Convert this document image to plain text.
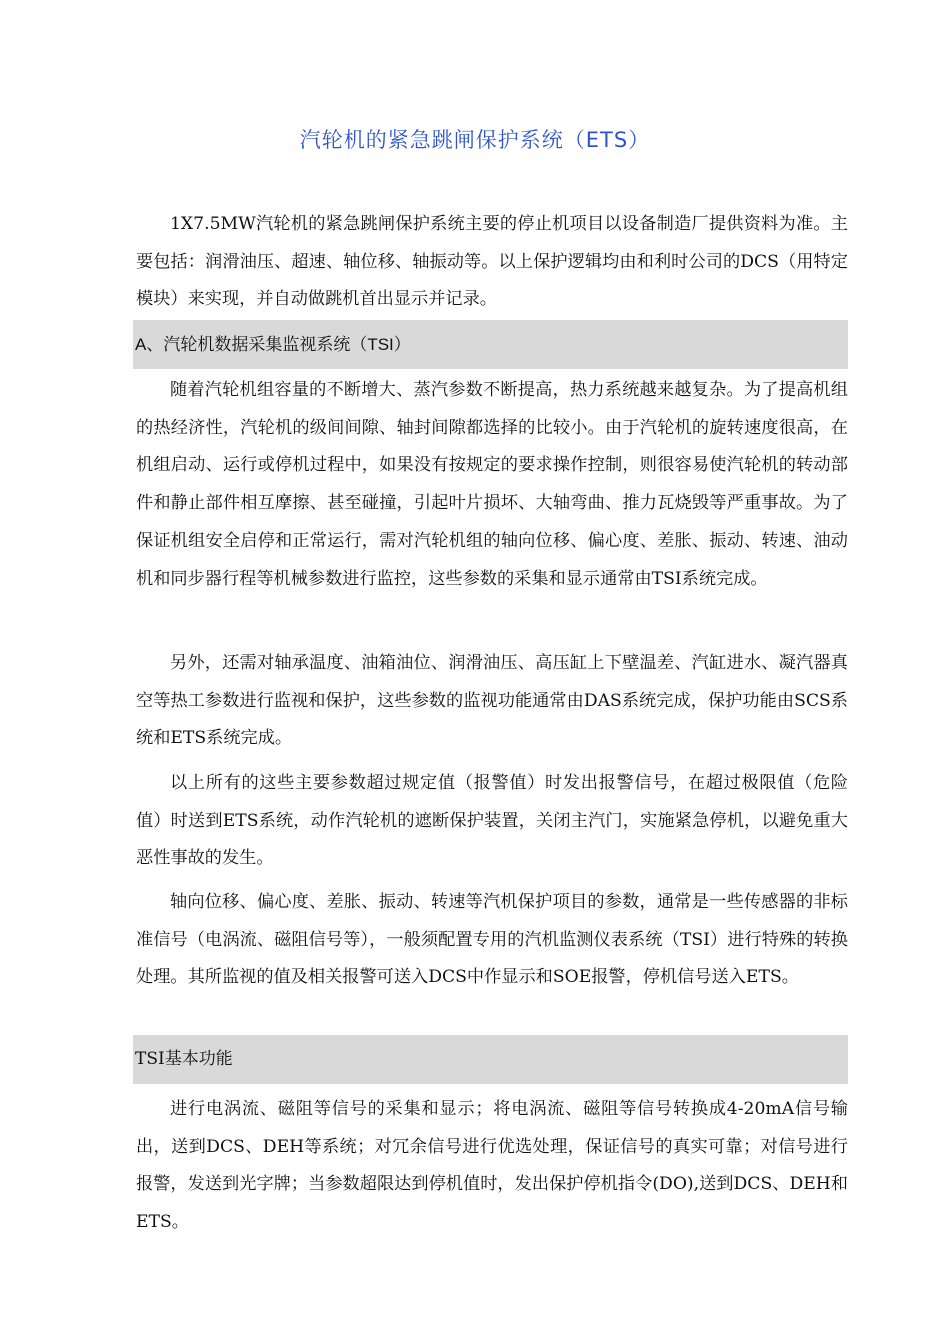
汽轮机的紧急跳闸保护系统（ETS）

1X7.5MW汽轮机的紧急跳闸保护系统主要的停止机项目以设备制造厂提供资料为准。主要包括：润滑油压、超速、轴位移、轴振动等。以上保护逻辑均由和利时公司的DCS（用特定模块）来实现，并自动做跳机首出显示并记录。

A、汽轮机数据采集监视系统（TSI）

随着汽轮机组容量的不断增大、蒸汽参数不断提高，热力系统越来越复杂。为了提高机组的热经济性，汽轮机的级间间隙、轴封间隙都选择的比较小。由于汽轮机的旋转速度很高，在机组启动、运行或停机过程中，如果没有按规定的要求操作控制，则很容易使汽轮机的转动部件和静止部件相互摩擦、甚至碰撞，引起叶片损坏、大轴弯曲、推力瓦烧毁等严重事故。为了保证机组安全启停和正常运行，需对汽轮机组的轴向位移、偏心度、差胀、振动、转速、油动机和同步器行程等机械参数进行监控，这些参数的采集和显示通常由TSI系统完成。

另外，还需对轴承温度、油箱油位、润滑油压、高压缸上下壁温差、汽缸进水、凝汽器真空等热工参数进行监视和保护，这些参数的监视功能通常由DAS系统完成，保护功能由SCS系统和ETS系统完成。

以上所有的这些主要参数超过规定值（报警值）时发出报警信号，在超过极限值（危险值）时送到ETS系统，动作汽轮机的遮断保护装置，关闭主汽门，实施紧急停机，以避免重大恶性事故的发生。

轴向位移、偏心度、差胀、振动、转速等汽机保护项目的参数，通常是一些传感器的非标准信号（电涡流、磁阻信号等），一般须配置专用的汽机监测仪表系统（TSI）进行特殊的转换处理。其所监视的值及相关报警可送入DCS中作显示和SOE报警，停机信号送入ETS。

TSI基本功能

进行电涡流、磁阻等信号的采集和显示；将电涡流、磁阻等信号转换成4-20mA信号输出，送到DCS、DEH等系统；对冗余信号进行优选处理，保证信号的真实可靠；对信号进行报警，发送到光字牌；当参数超限达到停机值时，发出保护停机指令(DO),送到DCS、DEH和ETS。
